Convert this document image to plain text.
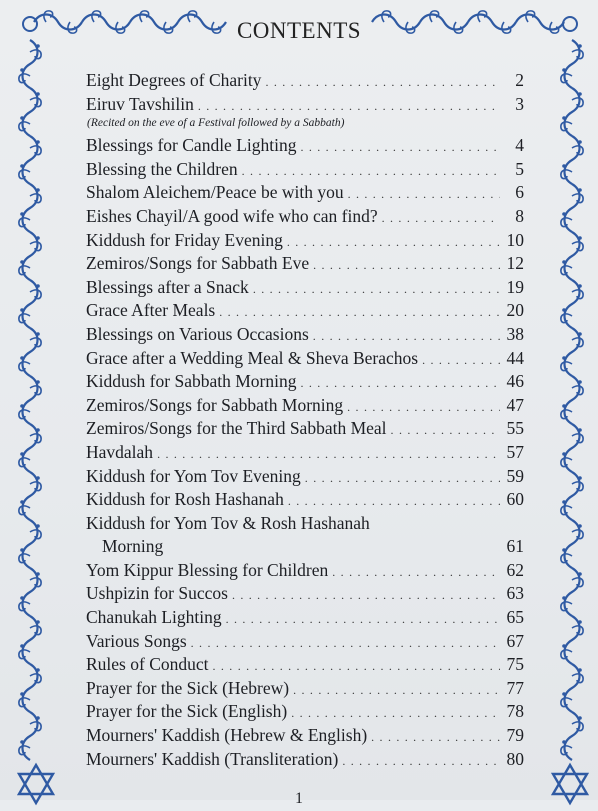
CONTENTS
Eight Degrees of Charity . . .	2
Eiruv Tavshilin . . .	3
(Recited on the eve of a Festival followed by a Sabbath)
Blessings for Candle Lighting . . .	4
Blessing the Children . . .	5
Shalom Aleichem/Peace be with you . . .	6
Eishes Chayil/A good wife who can find? . . .	8
Kiddush for Friday Evening . . .	10
Zemiros/Songs for Sabbath Eve . . .	12
Blessings after a Snack . . .	19
Grace After Meals . . .	20
Blessings on Various Occasions . . .	38
Grace after a Wedding Meal & Sheva Berachos . . .	44
Kiddush for Sabbath Morning . . .	46
Zemiros/Songs for Sabbath Morning . . .	47
Zemiros/Songs for the Third Sabbath Meal . . .	55
Havdalah . . .	57
Kiddush for Yom Tov Evening . . .	59
Kiddush for Rosh Hashanah . . .	60
Kiddush for Yom Tov & Rosh Hashanah
Morning	61
Yom Kippur Blessing for Children . . .	62
Ushpizin for Succos . . .	63
Chanukah Lighting . . .	65
Various Songs . . .	67
Rules of Conduct . . .	75
Prayer for the Sick (Hebrew) . . .	77
Prayer for the Sick (English) . . .	78
Mourners' Kaddish (Hebrew & English) . . .	79
Mourners' Kaddish (Transliteration) . . .	80
1
